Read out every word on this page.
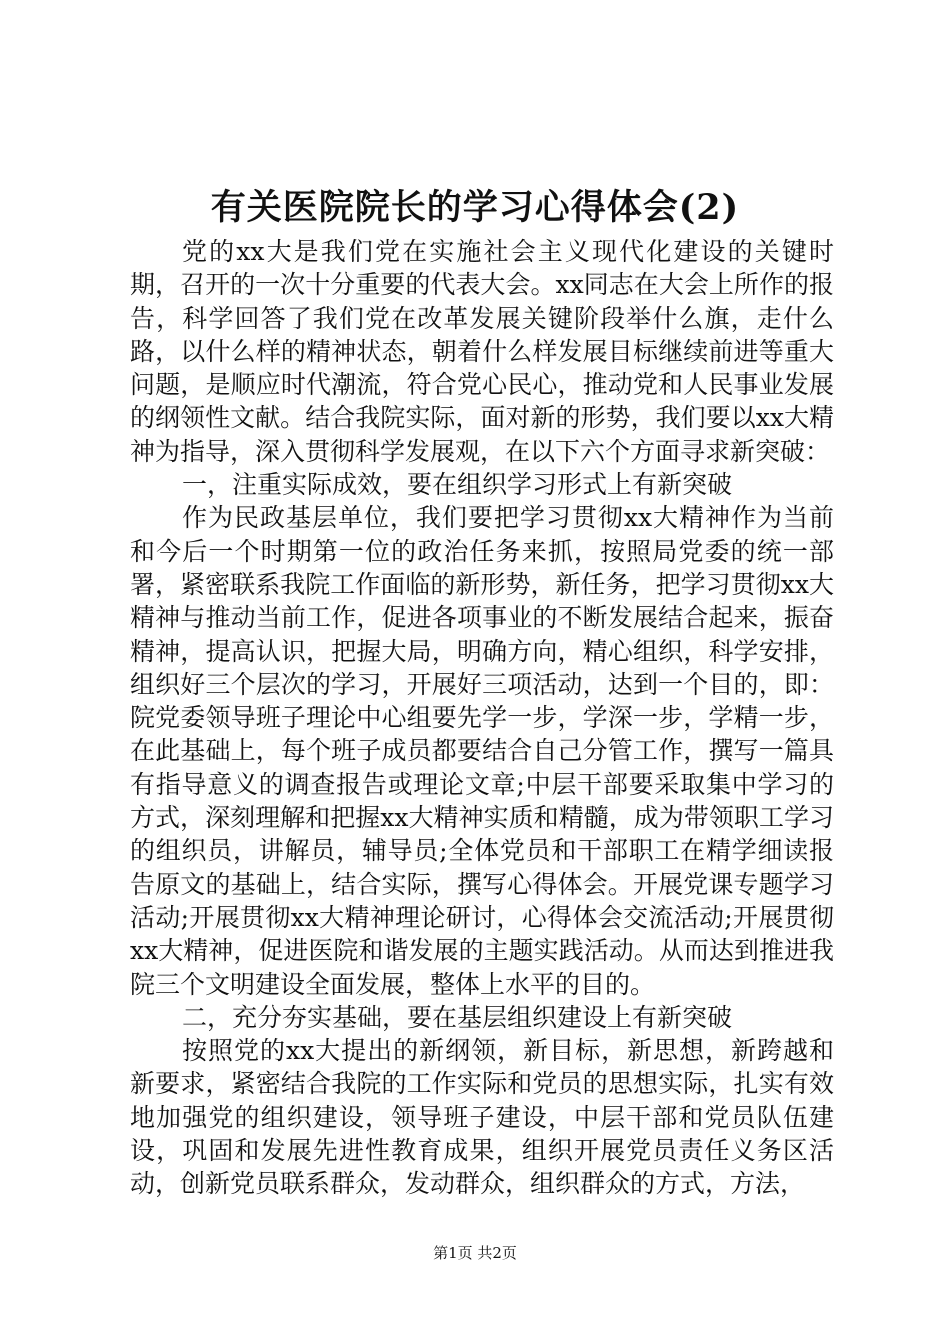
有关医院院长的学习心得体会(2)

党的xx大是我们党在实施社会主义现代化建设的关键时期，召开的一次十分重要的代表大会。xx同志在大会上所作的报告，科学回答了我们党在改革发展关键阶段举什么旗，走什么路，以什么样的精神状态，朝着什么样发展目标继续前进等重大问题，是顺应时代潮流，符合党心民心，推动党和人民事业发展的纲领性文献。结合我院实际，面对新的形势，我们要以xx大精神为指导，深入贯彻科学发展观，在以下六个方面寻求新突破：

一，注重实际成效，要在组织学习形式上有新突破

作为民政基层单位，我们要把学习贯彻xx大精神作为当前和今后一个时期第一位的政治任务来抓，按照局党委的统一部署，紧密联系我院工作面临的新形势，新任务，把学习贯彻xx大精神与推动当前工作，促进各项事业的不断发展结合起来，振奋精神，提高认识，把握大局，明确方向，精心组织，科学安排，组织好三个层次的学习，开展好三项活动，达到一个目的，即：院党委领导班子理论中心组要先学一步，学深一步，学精一步，在此基础上，每个班子成员都要结合自己分管工作，撰写一篇具有指导意义的调查报告或理论文章;中层干部要采取集中学习的方式，深刻理解和把握xx大精神实质和精髓，成为带领职工学习的组织员，讲解员，辅导员;全体党员和干部职工在精学细读报告原文的基础上，结合实际，撰写心得体会。开展党课专题学习活动;开展贯彻xx大精神理论研讨，心得体会交流活动;开展贯彻xx大精神，促进医院和谐发展的主题实践活动。从而达到推进我院三个文明建设全面发展，整体上水平的目的。

二，充分夯实基础，要在基层组织建设上有新突破

按照党的xx大提出的新纲领，新目标，新思想，新跨越和新要求，紧密结合我院的工作实际和党员的思想实际，扎实有效地加强党的组织建设，领导班子建设，中层干部和党员队伍建设，巩固和发展先进性教育成果，组织开展党员责任义务区活动，创新党员联系群众，发动群众，组织群众的方式，方法，

第1页 共2页
